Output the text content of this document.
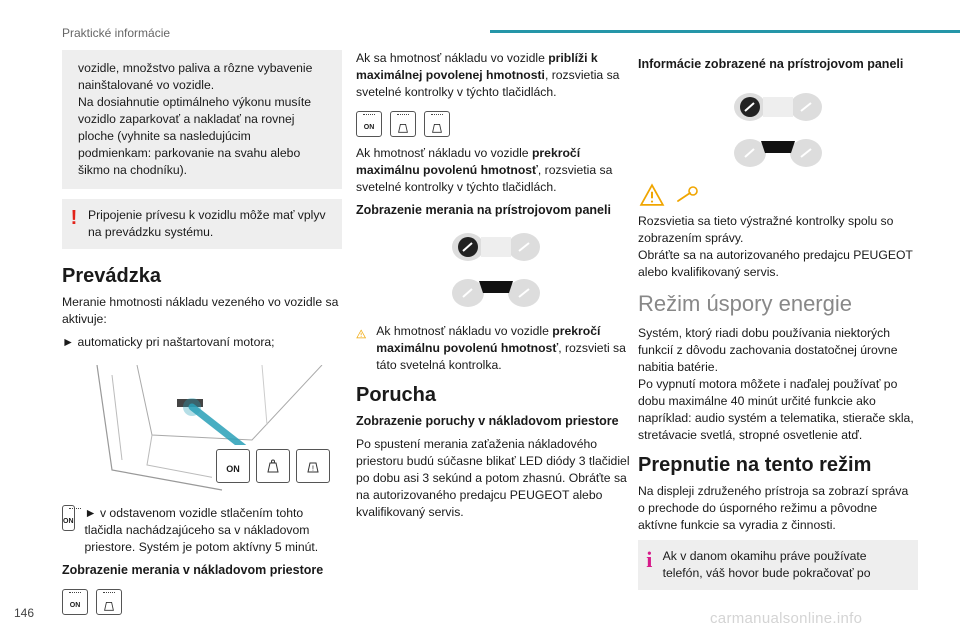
Praktické informácie

vozidle, množstvo paliva a rôzne vybavenie nainštalované vo vozidle.
Na dosiahnutie optimálneho výkonu musíte vozidlo zaparkovať a nakladať na rovnej ploche (vyhnite sa nasledujúcim podmienkam: parkovanie na svahu alebo šikmo na chodníku).

! Pripojenie prívesu k vozidlu môže mať vplyv na prevádzku systému.

Prevádzka

Meranie hmotnosti nákladu vezeného vo vozidle sa aktivuje:

► automaticky pri naštartovaní motora;

ON	!
ON

► v odstavenom vozidle stlačením tohto tlačidla nachádzajúceho sa v nákladovom priestore. Systém je potom aktívny 5 minút.

Zobrazenie merania v nákladovom priestore
ON

Ak sa hmotnosť nákladu vo vozidle priblíži k maximálnej povolenej hmotnosti, rozsvietia sa svetelné kontrolky v týchto tlačidlách.

ON

Ak hmotnosť nákladu vo vozidle prekročí maximálnu povolenú hmotnosť, rozsvietia sa svetelné kontrolky v týchto tlačidlách.

Zobrazenie merania na prístrojovom paneli

Ak hmotnosť nákladu vo vozidle prekročí maximálnu povolenú hmotnosť, rozsvieti sa táto svetelná kontrolka.

Porucha
Zobrazenie poruchy v nákladovom priestore

Po spustení merania zaťaženia nákladového priestoru budú súčasne blikať LED diódy 3 tlačidiel po dobu asi 3 sekúnd a potom zhasnú. Obráťte sa na autorizovaného predajcu PEUGEOT alebo kvalifikovaný servis.

Informácie zobrazené na prístrojovom paneli

Rozsvietia sa tieto výstražné kontrolky spolu so zobrazením správy.
Obráťte sa na autorizovaného predajcu PEUGEOT alebo kvalifikovaný servis.

Režim úspory energie

Systém, ktorý riadi dobu používania niektorých funkcií z dôvodu zachovania dostatočnej úrovne nabitia batérie.
Po vypnutí motora môžete i naďalej používať po dobu maximálne 40 minút určité funkcie ako napríklad: audio systém a telematika, stierače skla, stretávacie svetlá, stropné osvetlenie atď.

Prepnutie na tento režim

Na displeji združeného prístroja sa zobrazí správa o prechode do úsporného režimu a pôvodne aktívne funkcie sa vyradia z činnosti.

i Ak v danom okamihu práve používate telefón, váš hovor bude pokračovať po

146	carmanualsonline.info
